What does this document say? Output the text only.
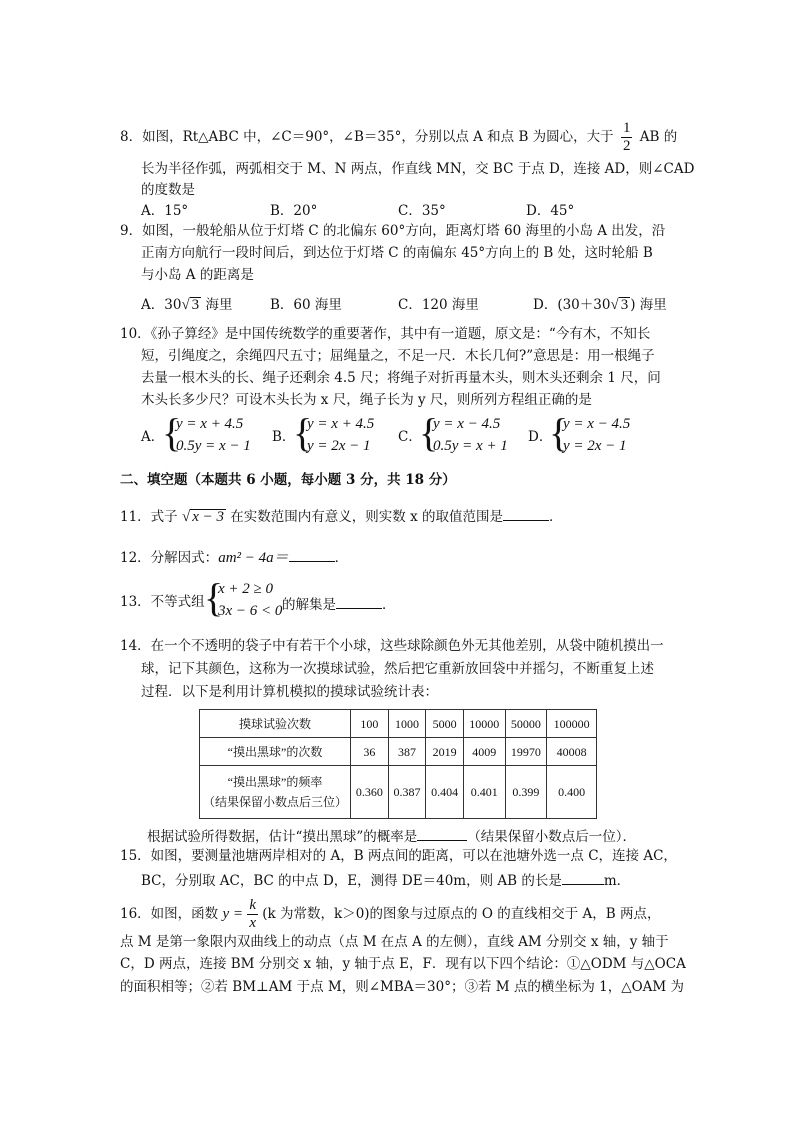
8．如图，Rt△ABC 中，∠C＝90°，∠B＝35°，分别以点 A 和点 B 为圆心，大于 $\frac{1}{2}$ AB 的
长为半径作弧，两弧相交于 M、N 两点，作直线 MN，交 BC 于点 D，连接 AD，则∠CAD
的度数是
A．15°	B．20°	C．35°	D．45°
9．如图，一般轮船从位于灯塔 C 的北偏东 60°方向，距离灯塔 60 海里的小岛 A 出发，沿
正南方向航行一段时间后，到达位于灯塔 C 的南偏东 45°方向上的 B 处，这时轮船 B
与小岛 A 的距离是
A．30√ 3 海里	B．60 海里	C．120 海里	D．(30＋30√ 3 ) 海里
10．《孙子算经》是中国传统数学的重要著作，其中有一道题，原文是：“今有木，不知长
短，引绳度之，余绳四尺五寸；屈绳量之，不足一尺．木长几何?”意思是：用一根绳子
去量一根木头的长、绳子还剩余 4.5 尺；将绳子对折再量木头，则木头还剩余 1 尺，问
木头长多少尺？可设木头长为 x 尺，绳子长为 y 尺，则所列方程组正确的是
A．
{
y = x + 4.5
0.5y = x − 1
B．
{
y = x + 4.5
y = 2x − 1
C．
{
y = x − 4.5
0.5y = x + 1
D．
{
y = x − 4.5
y = 2x − 1
二、填空题（本题共 6 小题，每小题 3 分，共 18 分）
11．式子 √ x − 3 在实数范围内有意义，则实数 x 的取值范围是	．
12．分解因式：am² − 4a＝	．
13．不等式组 {
x + 2 ≥ 0
3x − 6 < 0 的解集是	．
14．在一个不透明的袋子中有若干个小球，这些球除颜色外无其他差别，从袋中随机摸出一
球，记下其颜色，这称为一次摸球试验，然后把它重新放回袋中并摇匀，不断重复上述
过程．以下是利用计算机模拟的摸球试验统计表：
摸球试验次数	100	1000	5000	10000	50000	100000
“摸出黑球”的次数	36	387	2019	4009	19970	40008

“摸出黑球”的频率
（结果保留小数点后三位）	0.360	0.387	0.404	0.401	0.399	0.400
根据试验所得数据，估计“摸出黑球”的概率是	（结果保留小数点后一位）．
15．如图，要测量池塘两岸相对的 A，B 两点间的距离，可以在池塘外选一点 C，连接 AC，
BC，分别取 AC，BC 的中点 D，E，测得 DE＝40m，则 AB 的长是	m．
16．如图，函数 $y = \frac{k}{x} (k$ 为常数，k＞0)的图象与过原点的 O 的直线相交于 A，B 两点，
点 M 是第一象限内双曲线上的动点（点 M 在点 A 的左侧），直线 AM 分别交 x 轴，y 轴于
C，D 两点，连接 BM 分别交 x 轴，y 轴于点 E，F．现有以下四个结论：①△ODM 与△OCA
的面积相等；②若 BM⊥AM 于点 M，则∠MBA＝30°；③若 M 点的横坐标为 1，△OAM 为
